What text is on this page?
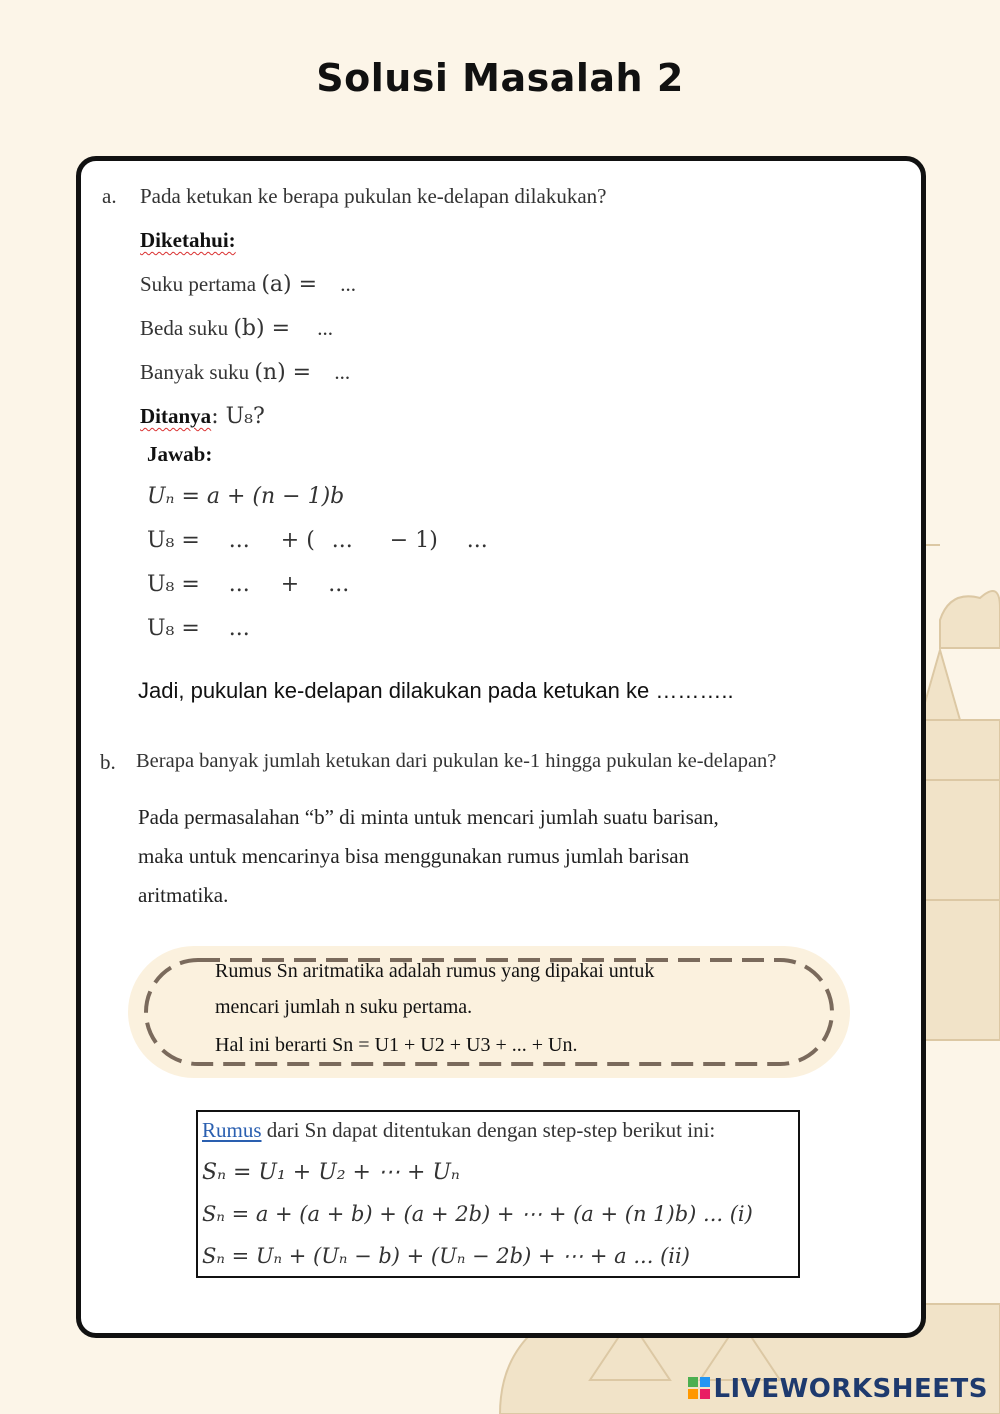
Solusi Masalah 2
a. Pada ketukan ke berapa pukulan ke-delapan dilakukan?
Diketahui:
Suku pertama (a) = ...
Beda suku (b) = ...
Banyak suku (n) = ...
Ditanya: U₈?
Jawab:
Uₙ = a + (n − 1)b
U₈ = ... + ( ... − 1) ...
U₈ = ... + ...
U₈ = ...
Jadi, pukulan ke-delapan dilakukan pada ketukan ke ………..
b. Berapa banyak jumlah ketukan dari pukulan ke-1 hingga pukulan ke-delapan?
Pada permasalahan “b” di minta untuk mencari jumlah suatu barisan,
maka untuk mencarinya bisa menggunakan rumus jumlah barisan
aritmatika.
Rumus Sn aritmatika adalah rumus yang dipakai untuk
mencari jumlah n suku pertama.
Hal ini berarti Sn = U1 + U2 + U3 + ... + Un.
Rumus dari Sn dapat ditentukan dengan step-step berikut ini:
Sₙ = U₁ + U₂ + ⋯ + Uₙ
Sₙ = a + (a + b) + (a + 2b) + ⋯ + (a + (n 1)b) ... (i)
Sₙ = Uₙ + (Uₙ − b) + (Uₙ − 2b) + ⋯ + a ... (ii)
LIVEWORKSHEETS
